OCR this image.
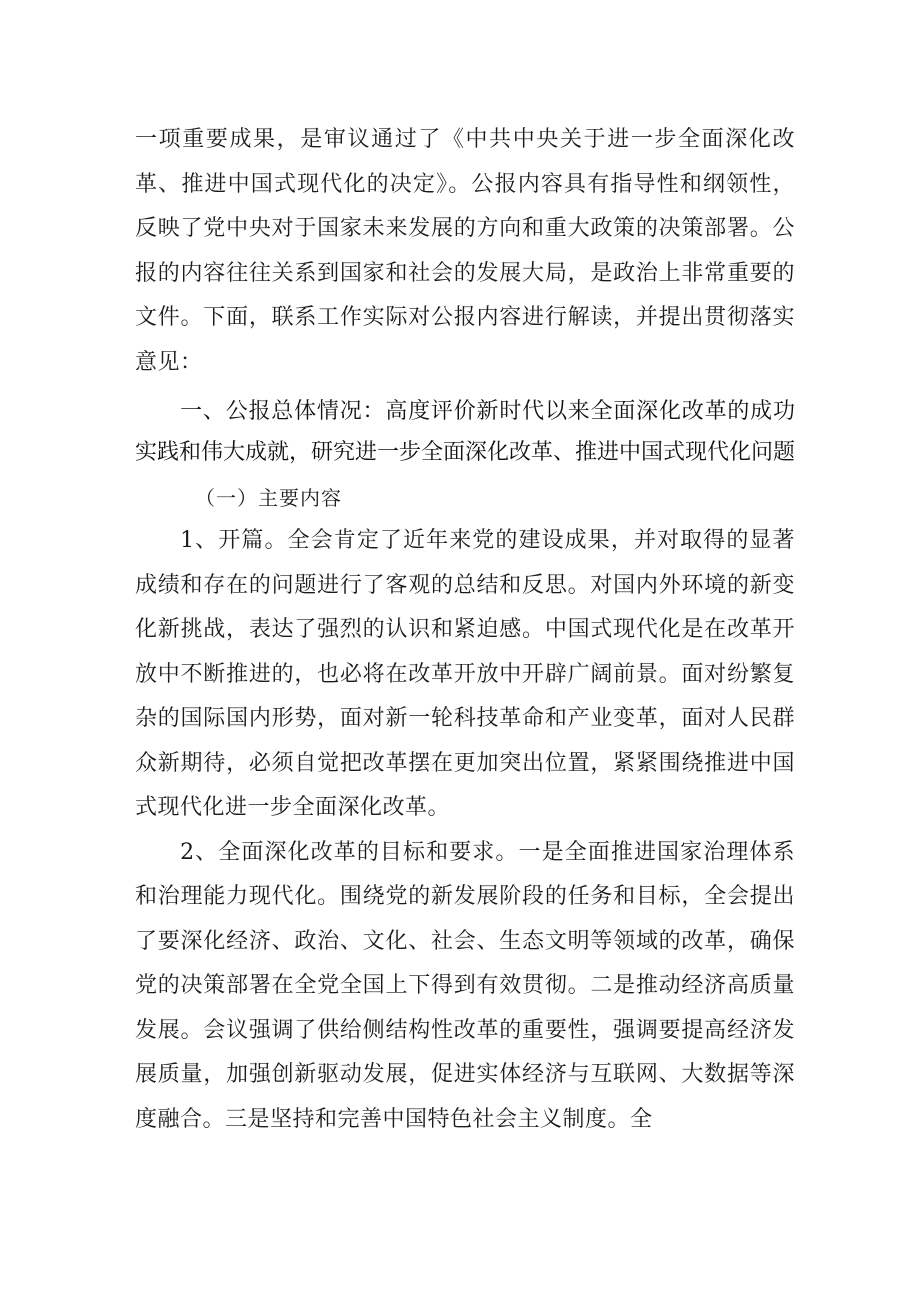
一项重要成果，是审议通过了《中共中央关于进一步全面深化改革、推进中国式现代化的决定》。公报内容具有指导性和纲领性，反映了党中央对于国家未来发展的方向和重大政策的决策部署。公报的内容往往关系到国家和社会的发展大局，是政治上非常重要的文件。下面，联系工作实际对公报内容进行解读，并提出贯彻落实意见：

一、公报总体情况：高度评价新时代以来全面深化改革的成功实践和伟大成就，研究进一步全面深化改革、推进中国式现代化问题

（一）主要内容

1、开篇。全会肯定了近年来党的建设成果，并对取得的显著成绩和存在的问题进行了客观的总结和反思。对国内外环境的新变化新挑战，表达了强烈的认识和紧迫感。中国式现代化是在改革开放中不断推进的，也必将在改革开放中开辟广阔前景。面对纷繁复杂的国际国内形势，面对新一轮科技革命和产业变革，面对人民群众新期待，必须自觉把改革摆在更加突出位置，紧紧围绕推进中国式现代化进一步全面深化改革。

2、全面深化改革的目标和要求。一是全面推进国家治理体系和治理能力现代化。围绕党的新发展阶段的任务和目标，全会提出了要深化经济、政治、文化、社会、生态文明等领域的改革，确保党的决策部署在全党全国上下得到有效贯彻。二是推动经济高质量发展。会议强调了供给侧结构性改革的重要性，强调要提高经济发展质量，加强创新驱动发展，促进实体经济与互联网、大数据等深度融合。三是坚持和完善中国特色社会主义制度。全
